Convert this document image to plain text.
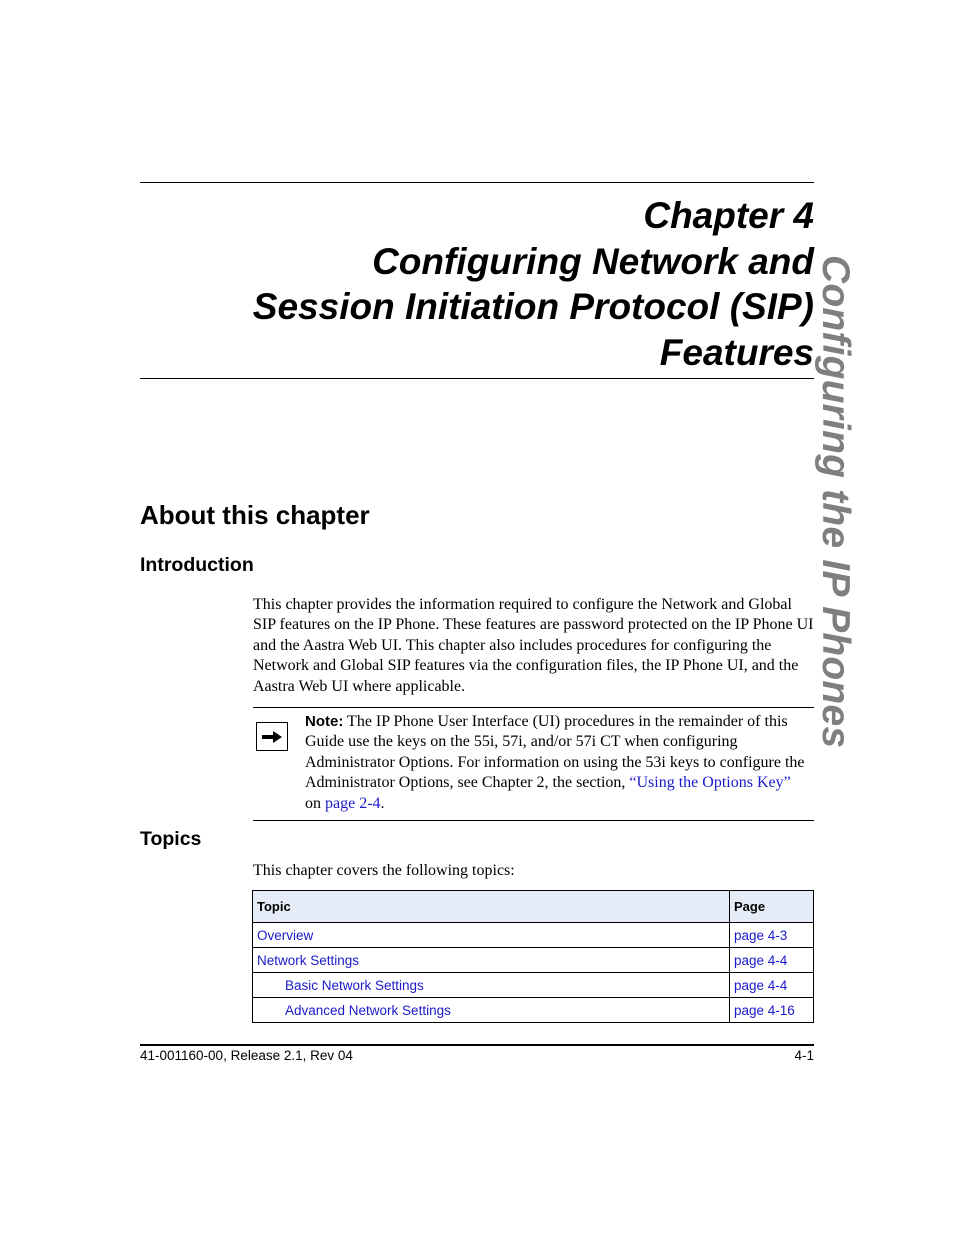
Chapter 4
Configuring Network and
Session Initiation Protocol (SIP)
Features Configuring the IP Phones
About this chapter
Introduction

This chapter provides the information required to configure the Network and Global SIP features on the IP Phone. These features are password protected on the IP Phone UI and the Aastra Web UI. This chapter also includes procedures for configuring the Network and Global SIP features via the configuration files, the IP Phone UI, and the Aastra Web UI where applicable.

Note: The IP Phone User Interface (UI) procedures in the remainder of this Guide use the keys on the 55i, 57i, and/or 57i CT when configuring Administrator Options. For information on using the 53i keys to configure the Administrator Options, see Chapter 2, the section, “Using the Options Key” on page 2-4.

Topics

This chapter covers the following topics:

Topic	Page
Overview	page 4-3
Network Settings	page 4-4
Basic Network Settings	page 4-4
Advanced Network Settings	page 4-16

41-001160-00, Release 2.1, Rev 04	4-1
